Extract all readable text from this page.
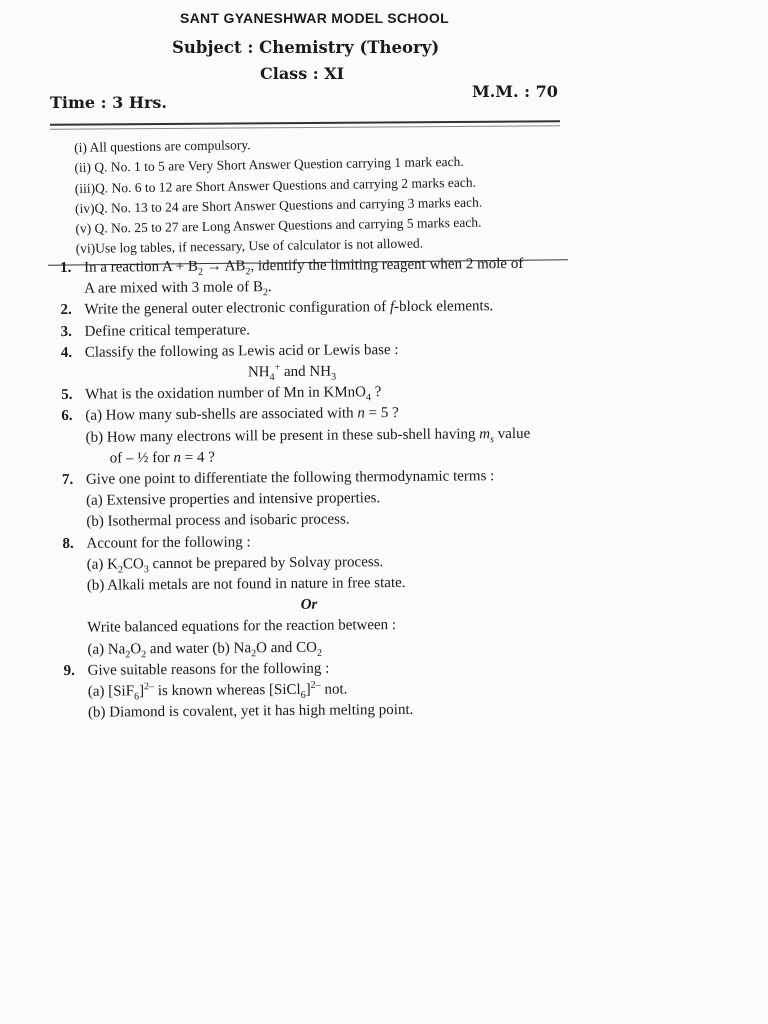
SANT GYANESHWAR MODEL SCHOOL
Subject : Chemistry (Theory)
Class : XI
Time : 3 Hrs.
M.M. : 70
(i) All questions are compulsory.
(ii) Q. No. 1 to 5 are Very Short Answer Question carrying 1 mark each.
(iii)Q. No. 6 to 12 are Short Answer Questions and carrying 2 marks each.
(iv)Q. No. 13 to 24 are Short Answer Questions and carrying 3 marks each.
(v) Q. No. 25 to 27 are Long Answer Questions and carrying 5 marks each.
(vi)Use log tables, if necessary, Use of calculator is not allowed.
1. In a reaction $A + B_2 \to AB_2$, identify the limiting reagent when 2 mole of
A are mixed with 3 mole of $B_2$.
2. Write the general outer electronic configuration of f-block elements.
3. Define critical temperature.
4. Classify the following as Lewis acid or Lewis base :
$NH_4^+$ and $NH_3$
5. What is the oxidation number of Mn in KMnO$_4$ ?
6. (a) How many sub-shells are associated with n = 5 ?
(b) How many electrons will be present in these sub-shell having $m_s$ value
of – ½ for n = 4 ?
7. Give one point to differentiate the following thermodynamic terms :
(a) Extensive properties and intensive properties.
(b) Isothermal process and isobaric process.
8. Account for the following :
(a) $K_2CO_3$ cannot be prepared by Solvay process.
(b) Alkali metals are not found in nature in free state.
Or
Write balanced equations for the reaction between :
(a) $Na_2O_2$ and water (b) $Na_2O$ and $CO_2$
9. Give suitable reasons for the following :
(a) $[SiF_6]^{2-}$ is known whereas [SiCl$_6$]$^{2-}$ not.
(b) Diamond is covalent, yet it has high melting point.
